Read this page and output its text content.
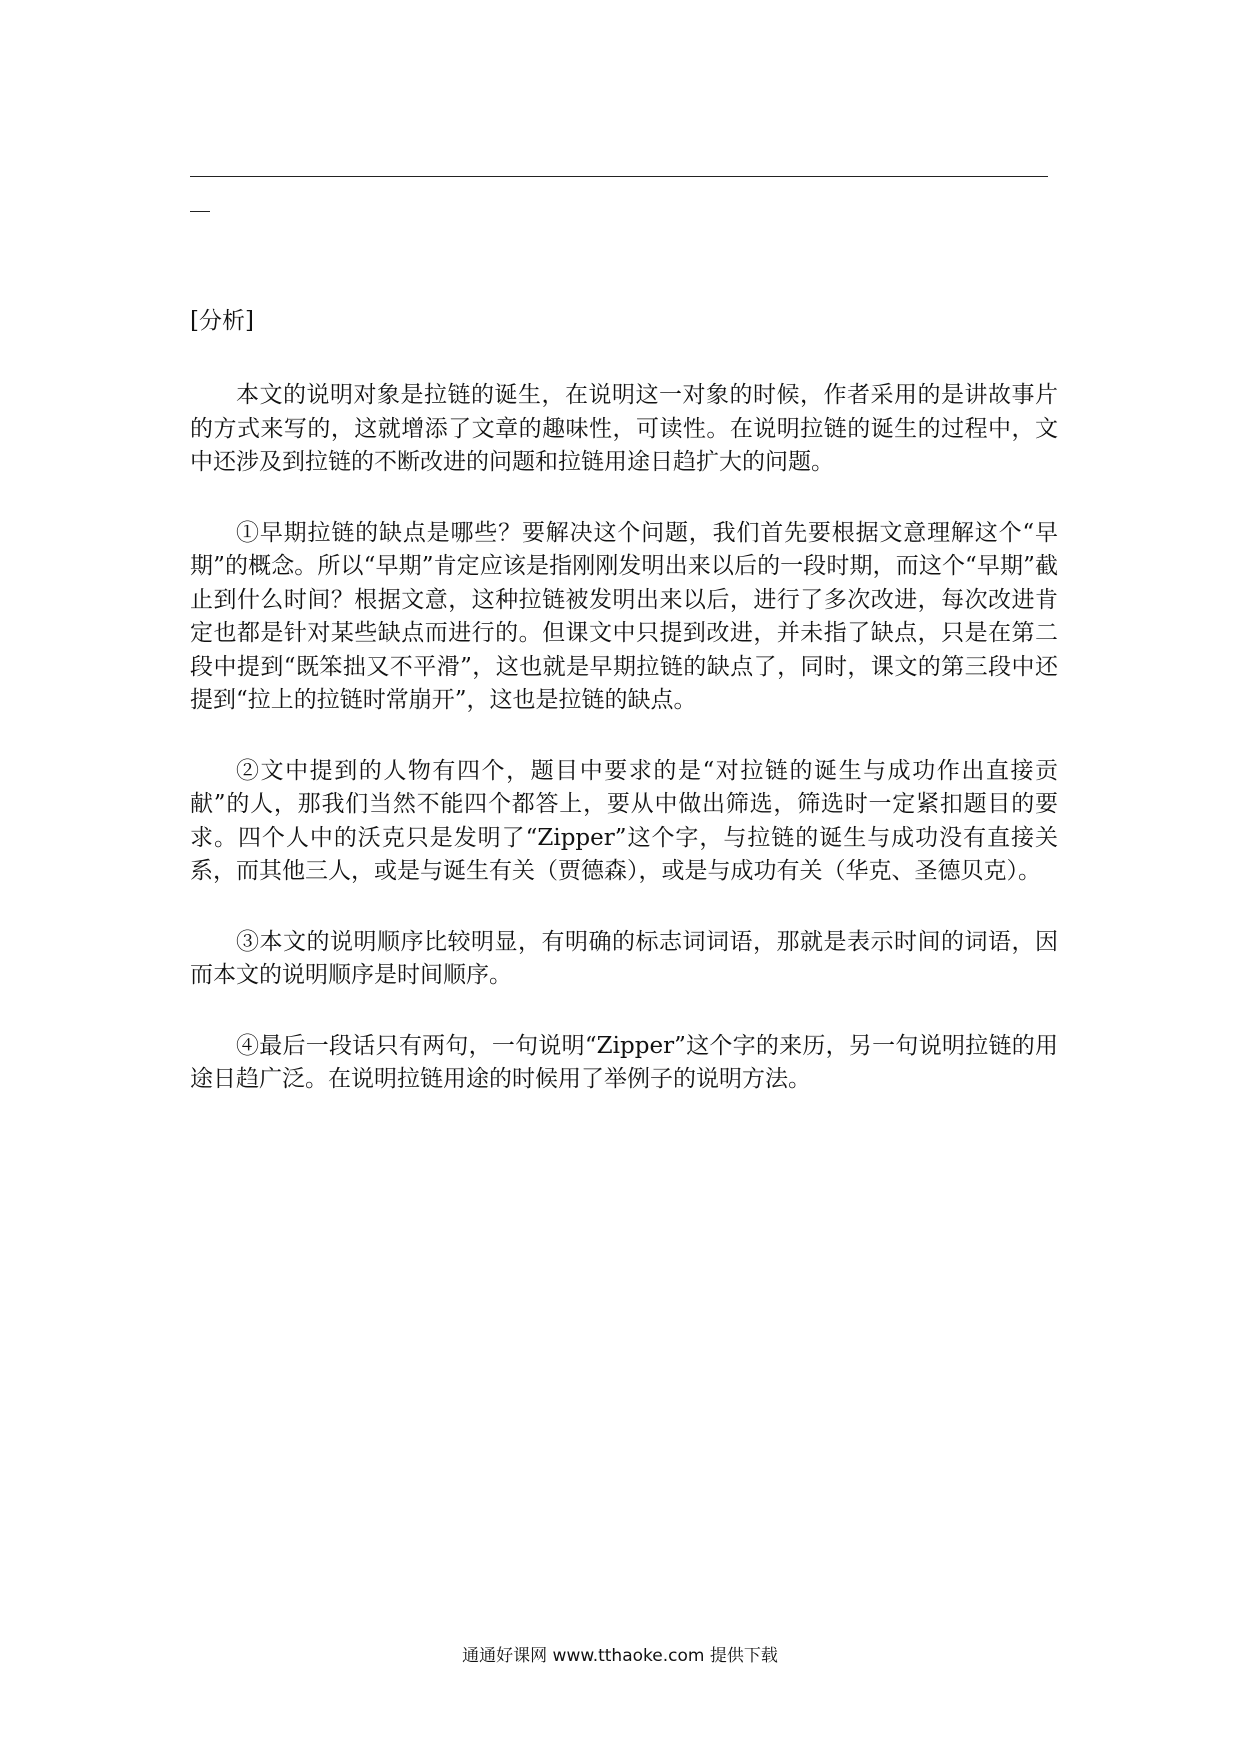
[分析]

本文的说明对象是拉链的诞生，在说明这一对象的时候，作者采用的是讲故事片的方式来写的，这就增添了文章的趣味性，可读性。在说明拉链的诞生的过程中，文中还涉及到拉链的不断改进的问题和拉链用途日趋扩大的问题。

①早期拉链的缺点是哪些？要解决这个问题，我们首先要根据文意理解这个“早期”的概念。所以“早期”肯定应该是指刚刚发明出来以后的一段时期，而这个“早期”截止到什么时间？根据文意，这种拉链被发明出来以后，进行了多次改进，每次改进肯定也都是针对某些缺点而进行的。但课文中只提到改进，并未指了缺点，只是在第二段中提到“既笨拙又不平滑”，这也就是早期拉链的缺点了，同时，课文的第三段中还提到“拉上的拉链时常崩开”，这也是拉链的缺点。

②文中提到的人物有四个，题目中要求的是“对拉链的诞生与成功作出直接贡献”的人，那我们当然不能四个都答上，要从中做出筛选，筛选时一定紧扣题目的要求。四个人中的沃克只是发明了“Zipper”这个字，与拉链的诞生与成功没有直接关系，而其他三人，或是与诞生有关（贾德森），或是与成功有关（华克、圣德贝克）。

③本文的说明顺序比较明显，有明确的标志词词语，那就是表示时间的词语，因而本文的说明顺序是时间顺序。

④最后一段话只有两句，一句说明“Zipper”这个字的来历，另一句说明拉链的用途日趋广泛。在说明拉链用途的时候用了举例子的说明方法。

通通好课网 www.tthaoke.com 提供下载
